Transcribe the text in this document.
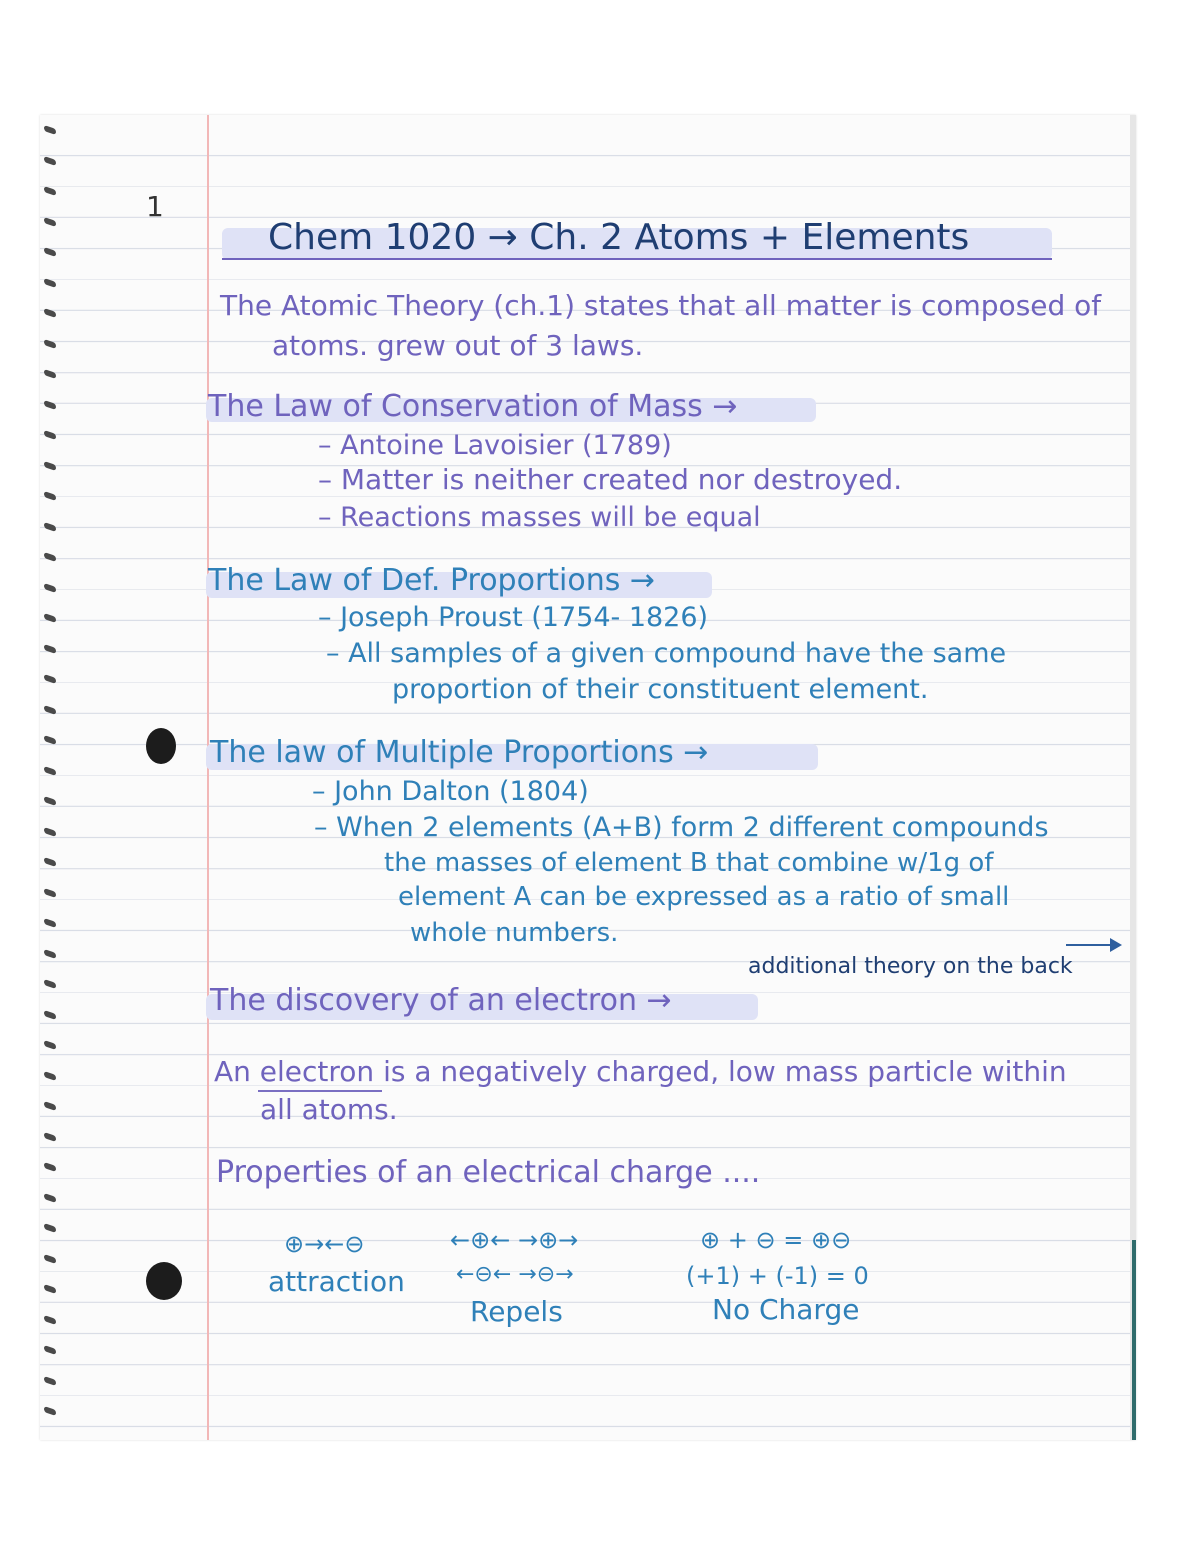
1
Chem 1020 → Ch. 2 Atoms + Elements
The Atomic Theory (ch.1) states that all matter is composed of
atoms. grew out of 3 laws.
The Law of Conservation of Mass →
– Antoine Lavoisier (1789)
– Matter is neither created nor destroyed.
– Reactions masses will be equal
The Law of Def. Proportions →
– Joseph Proust (1754- 1826)
– All samples of a given compound have the same
proportion of their constituent element.
The law of Multiple Proportions →
– John Dalton (1804)
– When 2 elements (A+B) form 2 different compounds
the masses of element B that combine w/1g of
element A can be expressed as a ratio of small
whole numbers.
additional theory on the back
The discovery of an electron →
An electron is a negatively charged, low mass particle within
all atoms.
Properties of an electrical charge ....
⊕→←⊖
attraction
←⊕← →⊕→
←⊖← →⊖→
Repels
⊕ + ⊖ = ⊕⊖
(+1) + (-1) = 0
No Charge
